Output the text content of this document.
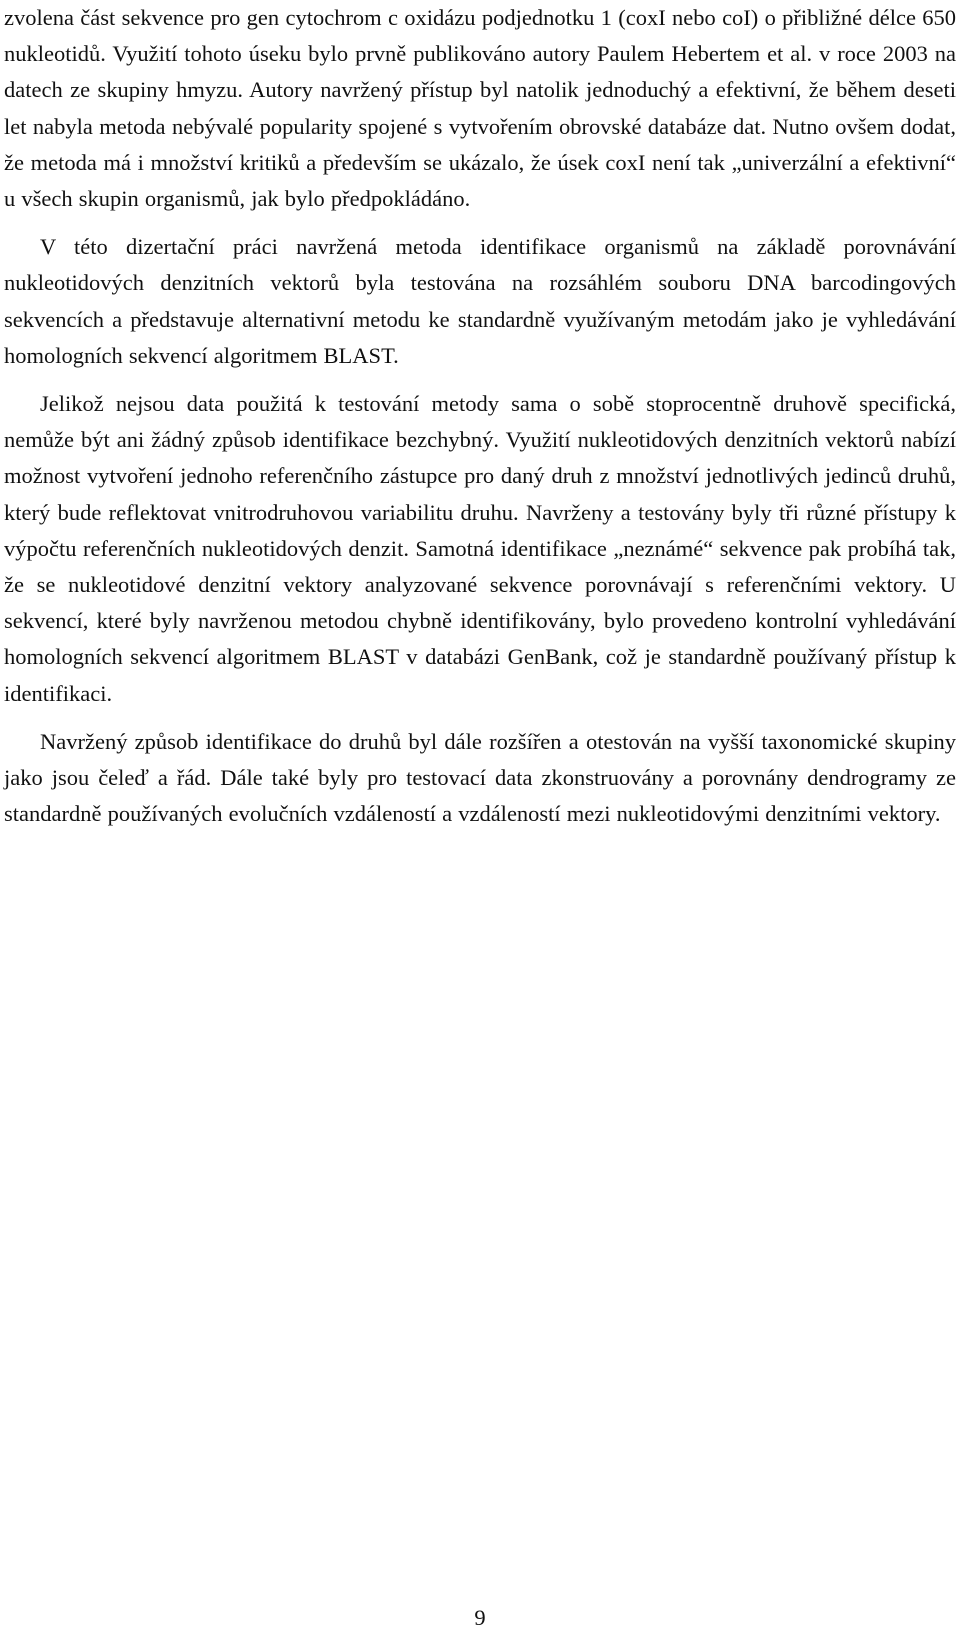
zvolena část sekvence pro gen cytochrom c oxidázu podjednotku 1 (coxI nebo coI) o přibližné délce 650 nukleotidů. Využití tohoto úseku bylo prvně publikováno autory Paulem Hebertem et al. v roce 2003 na datech ze skupiny hmyzu. Autory navržený přístup byl natolik jednoduchý a efektivní, že během deseti let nabyla metoda nebývalé popularity spojené s vytvořením obrovské databáze dat. Nutno ovšem dodat, že metoda má i množství kritiků a především se ukázalo, že úsek coxI není tak „univerzální a efektivní“ u všech skupin organismů, jak bylo předpokládáno.

V této dizertační práci navržená metoda identifikace organismů na základě porovnávání nukleotidových denzitních vektorů byla testována na rozsáhlém souboru DNA barcodingových sekvencích a představuje alternativní metodu ke standardně využívaným metodám jako je vyhledávání homologních sekvencí algoritmem BLAST.

Jelikož nejsou data použitá k testování metody sama o sobě stoprocentně druhově specifická, nemůže být ani žádný způsob identifikace bezchybný. Využití nukleotidových denzitních vektorů nabízí možnost vytvoření jednoho referenčního zástupce pro daný druh z množství jednotlivých jedinců druhů, který bude reflektovat vnitrodruhovou variabilitu druhu. Navrženy a testovány byly tři různé přístupy k výpočtu referenčních nukleotidových denzit. Samotná identifikace „neznámé“ sekvence pak probíhá tak, že se nukleotidové denzitní vektory analyzované sekvence porovnávají s referenčními vektory. U sekvencí, které byly navrženou metodou chybně identifikovány, bylo provedeno kontrolní vyhledávání homologních sekvencí algoritmem BLAST v databázi GenBank, což je standardně používaný přístup k identifikaci.

Navržený způsob identifikace do druhů byl dále rozšířen a otestován na vyšší taxonomické skupiny jako jsou čeleď a řád. Dále také byly pro testovací data zkonstruovány a porovnány dendrogramy ze standardně používaných evolučních vzdáleností a vzdáleností mezi nukleotidovými denzitními vektory.

9
